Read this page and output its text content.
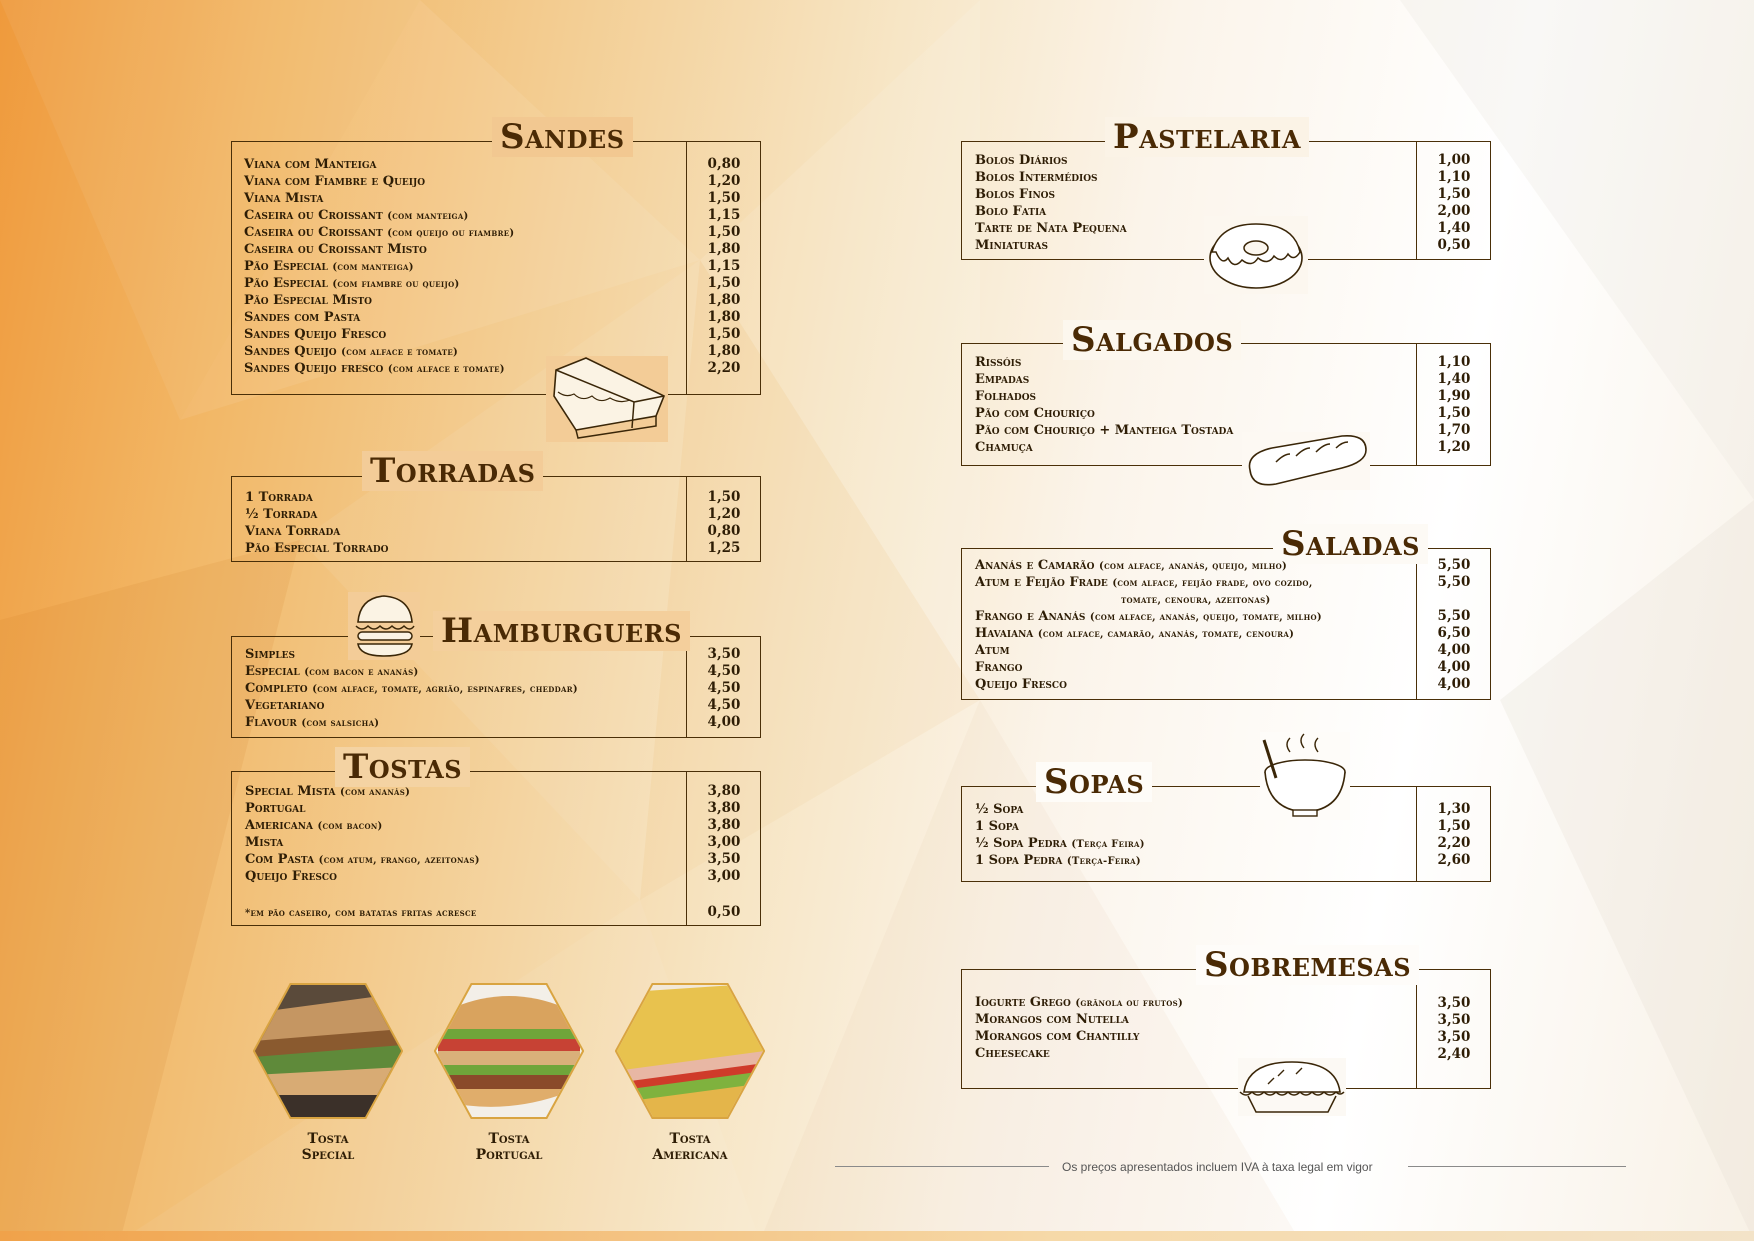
Sandes
Viana com Manteiga
Viana com Fiambre e Queijo
Viana Mista
Caseira ou Croissant (com manteiga)
Caseira ou Croissant (com queijo ou fiambre)
Caseira ou Croissant Misto
Pão Especial (com manteiga)
Pão Especial (com fiambre ou queijo)
Pão Especial Misto
Sandes com Pasta
Sandes Queijo Fresco
Sandes Queijo (com alface e tomate)
Sandes Queijo fresco (com alface e tomate)
0,80
1,20
1,50
1,15
1,50
1,80
1,15
1,50
1,80
1,80
1,50
1,80
2,20
Torradas
1 Torrada
½ Torrada
Viana Torrada
Pão Especial Torrado
1,50
1,20
0,80
1,25
Hamburguers
Simples
Especial (com bacon e ananás)
Completo (com alface, tomate, agrião, espinafres, cheddar)
Vegetariano
Flavour (com salsicha)
3,50
4,50
4,50
4,50
4,00
Tostas
Special Mista (com ananás)
Portugal
Americana (com bacon)
Mista
Com Pasta (com atum, frango, azeitonas)
Queijo Fresco
*em pão caseiro, com batatas fritas acresce
3,80
3,80
3,80
3,00
3,50
3,00
0,50
Tosta
Special
Tosta
Portugal
Tosta
Americana
Pastelaria
Bolos Diários
Bolos Intermédios
Bolos Finos
Bolo Fatia
Tarte de Nata Pequena
Miniaturas
1,00
1,10
1,50
2,00
1,40
0,50
Salgados
Rissóis
Empadas
Folhados
Pão com Chouriço
Pão com Chouriço + Manteiga Tostada
Chamuça
1,10
1,40
1,90
1,50
1,70
1,20
Saladas
Ananás e Camarão (com alface, ananás, queijo, milho)
Atum e Feijão Frade (com alface, feijão frade, ovo cozido,
tomate, cenoura, azeitonas)
Frango e Ananás (com alface, ananás, queijo, tomate, milho)
Havaiana (com alface, camarão, ananás, tomate, cenoura)
Atum
Frango
Queijo Fresco
5,50
5,50
5,50
6,50
4,00
4,00
4,00
Sopas
½ Sopa
1 Sopa
½ Sopa Pedra (Terça Feira)
1 Sopa Pedra (Terça-Feira)
1,30
1,50
2,20
2,60
Sobremesas
Iogurte Grego (grânola ou frutos)
Morangos com Nutella
Morangos com Chantilly
Cheesecake
3,50
3,50
3,50
2,40
Os preços apresentados incluem IVA à taxa legal em vigor
